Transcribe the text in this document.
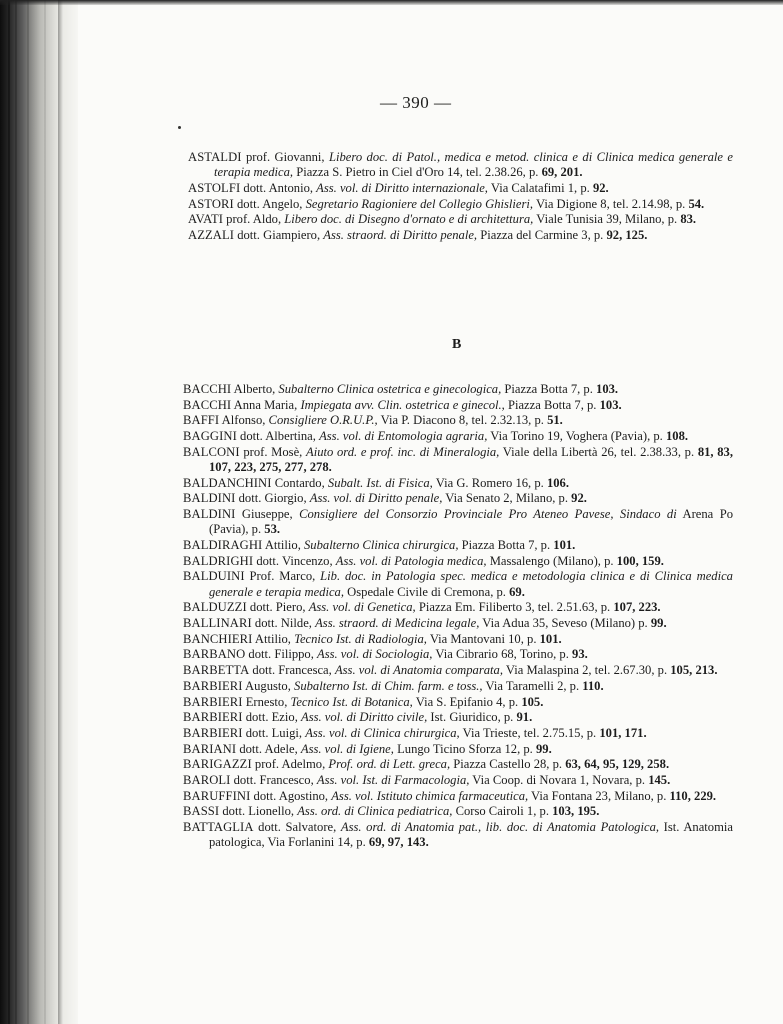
— 390 —
ASTALDI prof. Giovanni, Libero doc. di Patol., medica e metod. clinica e di Clinica medica generale e terapia medica, Piazza S. Pietro in Ciel d'Oro 14, tel. 2.38.26, p. 69, 201.
ASTOLFI dott. Antonio, Ass. vol. di Diritto internazionale, Via Calatafimi 1, p. 92.
ASTORI dott. Angelo, Segretario Ragioniere del Collegio Ghislieri, Via Digione 8, tel. 2.14.98, p. 54.
AVATI prof. Aldo, Libero doc. di Disegno d'ornato e di architettura, Viale Tunisia 39, Milano, p. 83.
AZZALI dott. Giampiero, Ass. straord. di Diritto penale, Piazza del Carmine 3, p. 92, 125.
B
BACCHI Alberto, Subalterno Clinica ostetrica e ginecologica, Piazza Botta 7, p. 103.
BACCHI Anna Maria, Impiegata avv. Clin. ostetrica e ginecol., Piazza Botta 7, p. 103.
BAFFI Alfonso, Consigliere O.R.U.P., Via P. Diacono 8, tel. 2.32.13, p. 51.
BAGGINI dott. Albertina, Ass. vol. di Entomologia agraria, Via Torino 19, Voghera (Pavia), p. 108.
BALCONI prof. Mosè, Aiuto ord. e prof. inc. di Mineralogia, Viale della Libertà 26, tel. 2.38.33, p. 81, 83, 107, 223, 275, 277, 278.
BALDANCHINI Contardo, Subalt. Ist. di Fisica, Via G. Romero 16, p. 106.
BALDINI dott. Giorgio, Ass. vol. di Diritto penale, Via Senato 2, Milano, p. 92.
BALDINI Giuseppe, Consigliere del Consorzio Provinciale Pro Ateneo Pavese, Sindaco di Arena Po (Pavia), p. 53.
BALDIRAGHI Attilio, Subalterno Clinica chirurgica, Piazza Botta 7, p. 101.
BALDRIGHI dott. Vincenzo, Ass. vol. di Patologia medica, Massalengo (Milano), p. 100, 159.
BALDUINI Prof. Marco, Lib. doc. in Patologia spec. medica e metodologia clinica e di Clinica medica generale e terapia medica, Ospedale Civile di Cremona, p. 69.
BALDUZZI dott. Piero, Ass. vol. di Genetica, Piazza Em. Filiberto 3, tel. 2.51.63, p. 107, 223.
BALLINARI dott. Nilde, Ass. straord. di Medicina legale, Via Adua 35, Seveso (Milano) p. 99.
BANCHIERI Attilio, Tecnico Ist. di Radiologia, Via Mantovani 10, p. 101.
BARBANO dott. Filippo, Ass. vol. di Sociologia, Via Cibrario 68, Torino, p. 93.
BARBETTA dott. Francesca, Ass. vol. di Anatomia comparata, Via Malaspina 2, tel. 2.67.30, p. 105, 213.
BARBIERI Augusto, Subalterno Ist. di Chim. farm. e toss., Via Taramelli 2, p. 110.
BARBIERI Ernesto, Tecnico Ist. di Botanica, Via S. Epifanio 4, p. 105.
BARBIERI dott. Ezio, Ass. vol. di Diritto civile, Ist. Giuridico, p. 91.
BARBIERI dott. Luigi, Ass. vol. di Clinica chirurgica, Via Trieste, tel. 2.75.15, p. 101, 171.
BARIANI dott. Adele, Ass. vol. di Igiene, Lungo Ticino Sforza 12, p. 99.
BARIGAZZI prof. Adelmo, Prof. ord. di Lett. greca, Piazza Castello 28, p. 63, 64, 95, 129, 258.
BAROLI dott. Francesco, Ass. vol. Ist. di Farmacologia, Via Coop. di Novara 1, Novara, p. 145.
BARUFFINI dott. Agostino, Ass. vol. Istituto chimica farmaceutica, Via Fontana 23, Milano, p. 110, 229.
BASSI dott. Lionello, Ass. ord. di Clinica pediatrica, Corso Cairoli 1, p. 103, 195.
BATTAGLIA dott. Salvatore, Ass. ord. di Anatomia pat., lib. doc. di Anatomia Patologica, Ist. Anatomia patologica, Via Forlanini 14, p. 69, 97, 143.
